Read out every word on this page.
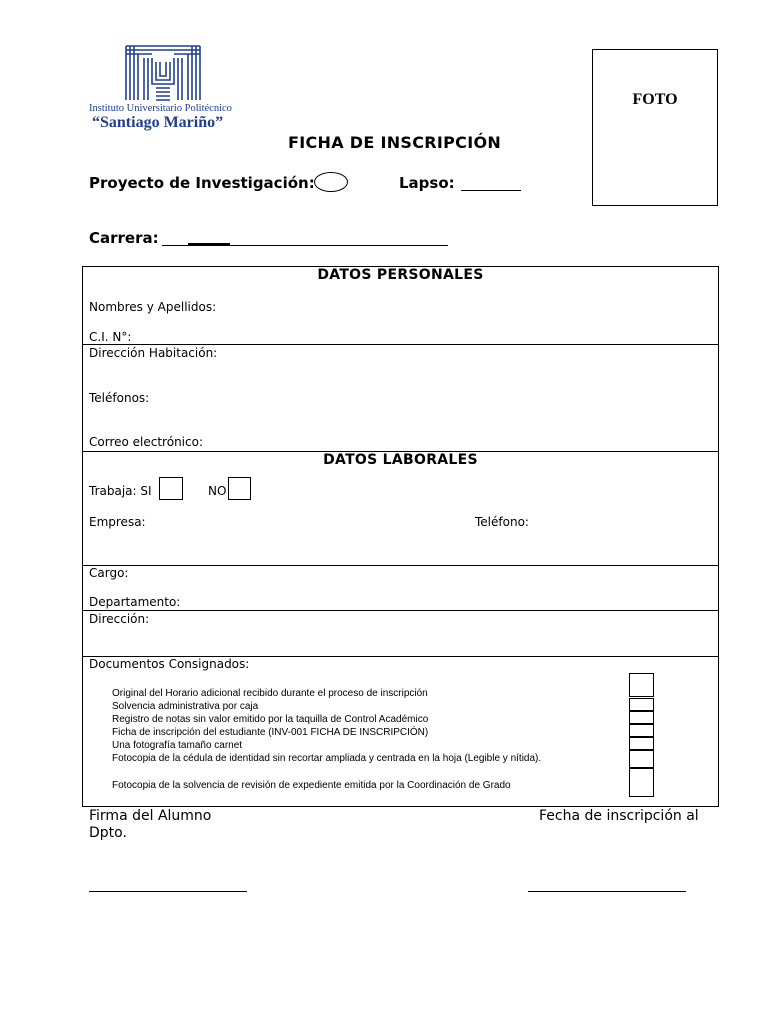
Instituto Universitario Politécnico
“Santiago Mariño”
FOTO
FICHA DE INSCRIPCIÓN
Proyecto de Investigación:	Lapso:
Carrera:
DATOS PERSONALES
Nombres y Apellidos:
C.I. N°:
Dirección Habitación:
Teléfonos:
Correo electrónico:
DATOS LABORALES
Trabaja: SI	NO
Empresa:	Teléfono:
Cargo:
Departamento:
Dirección:
Documentos Consignados:
Original del Horario adicional recibido durante el proceso de inscripción
Solvencia administrativa por caja
Registro de notas sin valor emitido por la taquilla de Control Académico
Ficha de inscripción del estudiante (INV-001 FICHA DE INSCRIPCIÓN)
Una fotografía tamaño carnet
Fotocopia de la cédula de identidad sin recortar ampliada y centrada en la hoja (Legible y nítida).
Fotocopia de la solvencia de revisión de expediente emitida por la Coordinación de Grado
Firma del Alumno
Dpto.
Fecha de inscripción al
